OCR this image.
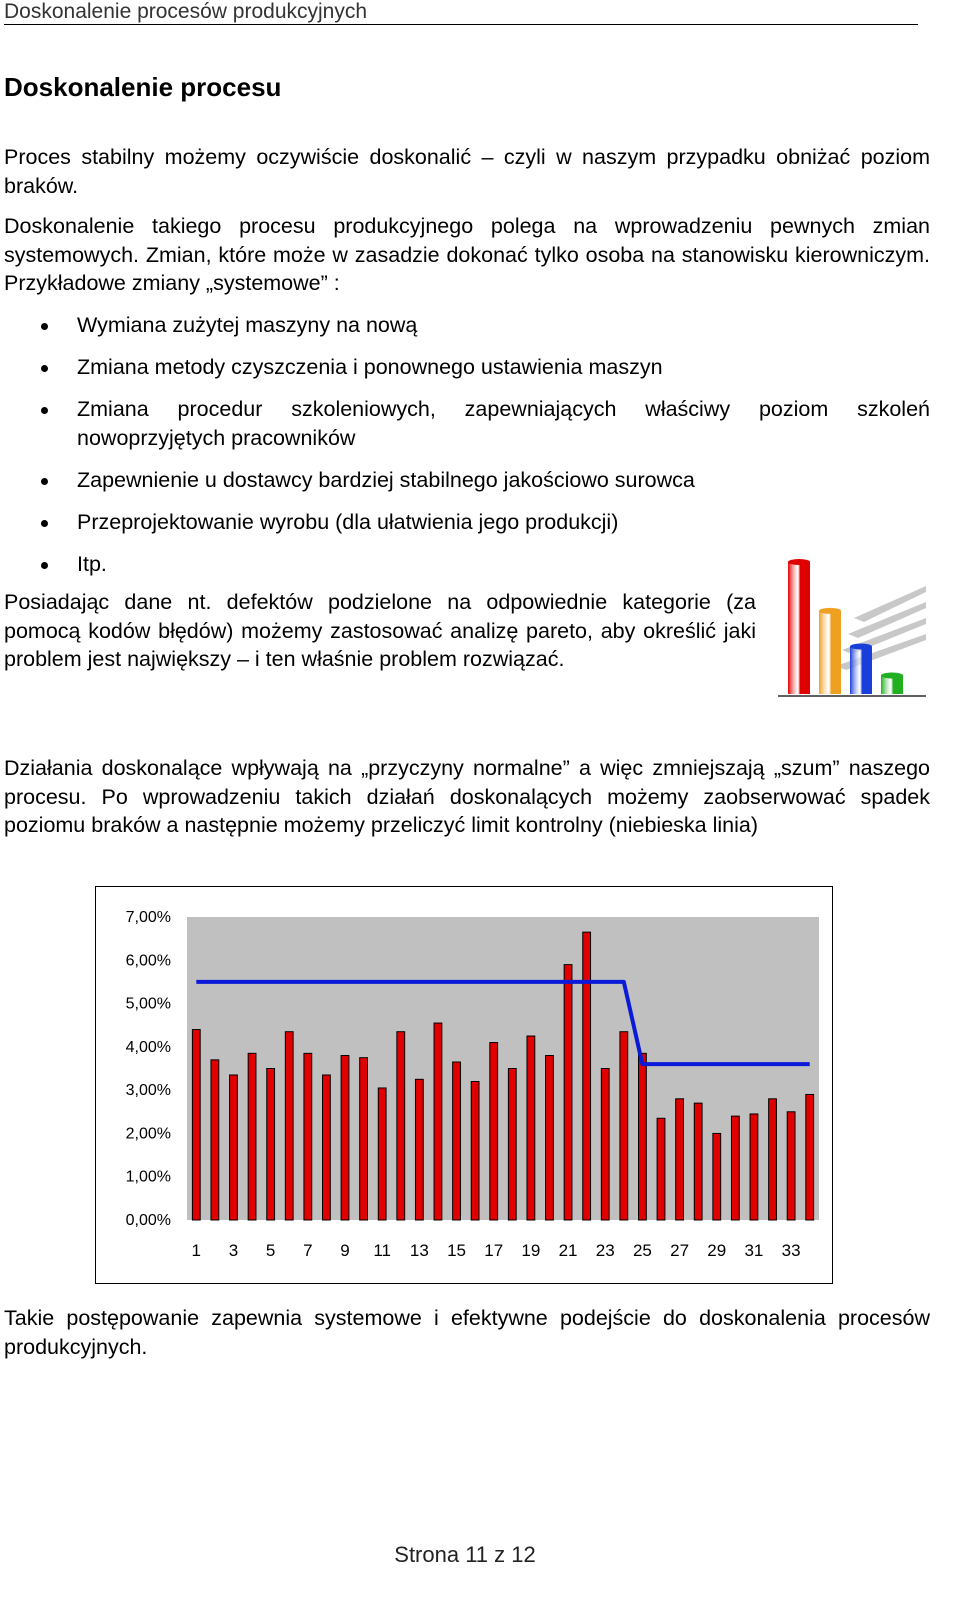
Doskonalenie procesów produkcyjnych
Doskonalenie procesu

Proces stabilny możemy oczywiście doskonalić – czyli w naszym przypadku obniżać poziom braków.

Doskonalenie takiego procesu produkcyjnego polega na wprowadzeniu pewnych zmian systemowych. Zmian, które może w zasadzie dokonać tylko osoba na stanowisku kierowniczym. Przykładowe zmiany „systemowe” :

Wymiana zużytej maszyny na nową
Zmiana metody czyszczenia i ponownego ustawienia maszyn
Zmiana procedur szkoleniowych, zapewniających właściwy poziom szkoleń nowoprzyjętych pracowników
Zapewnienie u dostawcy bardziej stabilnego jakościowo surowca
Przeprojektowanie wyrobu (dla ułatwienia jego produkcji)
Itp.

Posiadając dane nt. defektów podzielone na odpowiednie kategorie (za pomocą kodów błędów) możemy zastosować analizę pareto, aby określić jaki problem jest największy – i ten właśnie problem rozwiązać.

Działania doskonalące wpływają na „przyczyny normalne” a więc zmniejszają „szum” naszego procesu. Po wprowadzeniu takich działań doskonalących możemy zaobserwować spadek poziomu braków a następnie możemy przeliczyć limit kontrolny (niebieska linia)

0,00%
1,00%
2,00%
3,00%
4,00%
5,00%
6,00%
7,00%
1 3 5 7 9 11 13 15 17 19 21 23 25 27 29 31 33

Takie postępowanie zapewnia systemowe i efektywne podejście do doskonalenia procesów produkcyjnych.

Strona 11 z 12
